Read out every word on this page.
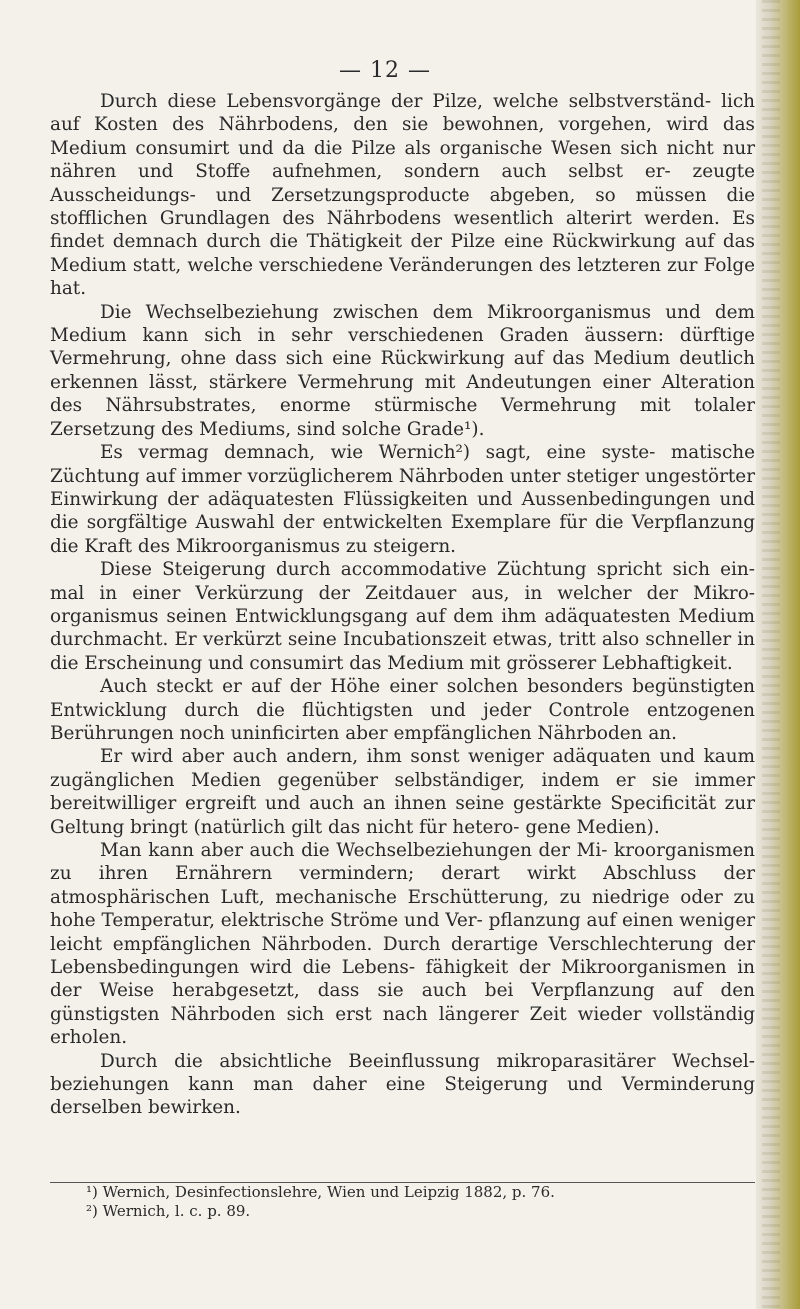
— 12 —

Durch diese Lebensvorgänge der Pilze, welche selbstverständ- lich auf Kosten des Nährbodens, den sie bewohnen, vorgehen, wird das Medium consumirt und da die Pilze als organische Wesen sich nicht nur nähren und Stoffe aufnehmen, sondern auch selbst er- zeugte Ausscheidungs- und Zersetzungsproducte abgeben, so müssen die stofflichen Grundlagen des Nährbodens wesentlich alterirt werden. Es findet demnach durch die Thätigkeit der Pilze eine Rückwirkung auf das Medium statt, welche verschiedene Veränderungen des letzteren zur Folge hat.

Die Wechselbeziehung zwischen dem Mikroorganismus und dem Medium kann sich in sehr verschiedenen Graden äussern: dürftige Vermehrung, ohne dass sich eine Rückwirkung auf das Medium deutlich erkennen lässt, stärkere Vermehrung mit Andeutungen einer Alteration des Nährsubstrates, enorme stürmische Vermehrung mit tolaler Zersetzung des Mediums, sind solche Grade¹).

Es vermag demnach, wie Wernich²) sagt, eine syste- matische Züchtung auf immer vorzüglicherem Nährboden unter stetiger ungestörter Einwirkung der adäquatesten Flüssigkeiten und Aussenbedingungen und die sorgfältige Auswahl der entwickelten Exemplare für die Verpflanzung die Kraft des Mikroorganismus zu steigern.

Diese Steigerung durch accommodative Züchtung spricht sich ein- mal in einer Verkürzung der Zeitdauer aus, in welcher der Mikro- organismus seinen Entwicklungsgang auf dem ihm adäquatesten Medium durchmacht. Er verkürzt seine Incubationszeit etwas, tritt also schneller in die Erscheinung und consumirt das Medium mit grösserer Lebhaftigkeit.

Auch steckt er auf der Höhe einer solchen besonders begünstigten Entwicklung durch die flüchtigsten und jeder Controle entzogenen Berührungen noch uninficirten aber empfänglichen Nährboden an.

Er wird aber auch andern, ihm sonst weniger adäquaten und kaum zugänglichen Medien gegenüber selbständiger, indem er sie immer bereitwilliger ergreift und auch an ihnen seine gestärkte Specificität zur Geltung bringt (natürlich gilt das nicht für hetero- gene Medien).

Man kann aber auch die Wechselbeziehungen der Mi- kroorganismen zu ihren Ernährern vermindern; derart wirkt Abschluss der atmosphärischen Luft, mechanische Erschütterung, zu niedrige oder zu hohe Temperatur, elektrische Ströme und Ver- pflanzung auf einen weniger leicht empfänglichen Nährboden. Durch derartige Verschlechterung der Lebensbedingungen wird die Lebens- fähigkeit der Mikroorganismen in der Weise herabgesetzt, dass sie auch bei Verpflanzung auf den günstigsten Nährboden sich erst nach längerer Zeit wieder vollständig erholen.

Durch die absichtliche Beeinflussung mikroparasitärer Wechsel- beziehungen kann man daher eine Steigerung und Verminderung derselben bewirken.

¹) Wernich, Desinfectionslehre, Wien und Leipzig 1882, p. 76.

²) Wernich, l. c. p. 89.
